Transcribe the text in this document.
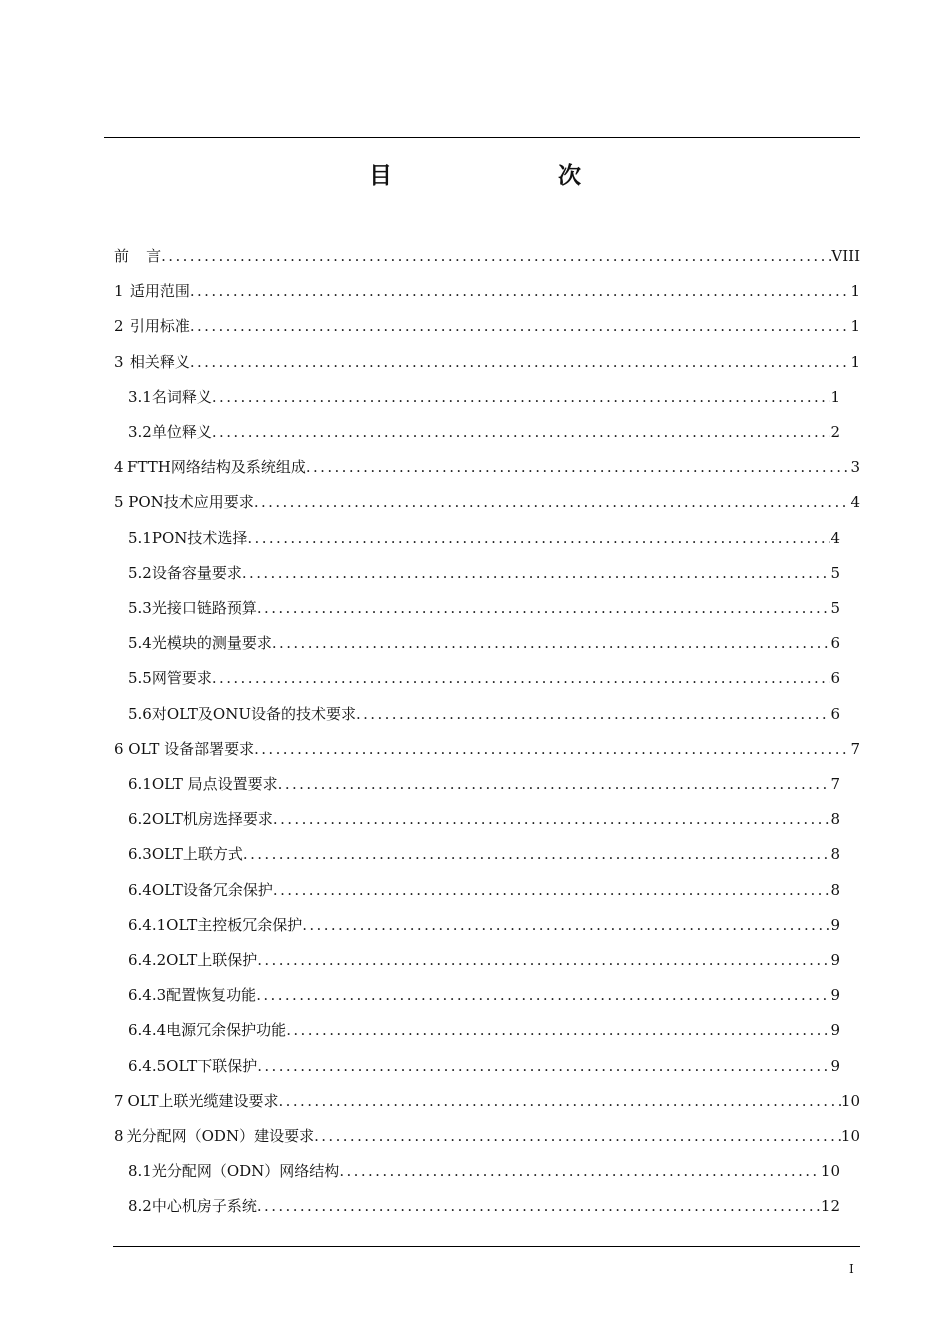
目　　次
前	言 .....	VIII
1 适用范围 .....	1
2 引用标准 .....	1
3 相关释义 .....	1
3.1 名词释义 .....	1
3.2 单位释义 .....	2
4 FTTH网络结构及系统组成 .....	3
5 PON技术应用要求 .....	4
5.1 PON技术选择 .....	4
5.2 设备容量要求 .....	5
5.3 光接口链路预算 .....	5
5.4 光模块的测量要求 .....	6
5.5 网管要求 .....	6
5.6 对OLT及ONU设备的技术要求 .....	6
6 OLT 设备部署要求 .....	7
6.1 OLT 局点设置要求 .....	7
6.2 OLT机房选择要求 .....	8
6.3 OLT上联方式 .....	8
6.4 OLT设备冗余保护 .....	8
6.4.1 OLT主控板冗余保护 .....	9
6.4.2 OLT上联保护 .....	9
6.4.3 配置恢复功能 .....	9
6.4.4 电源冗余保护功能 .....	9
6.4.5 OLT下联保护 .....	9
7 OLT上联光缆建设要求 .....	10
8 光分配网（ODN）建设要求 .....	10
8.1 光分配网（ODN）网络结构 .....	10
8.2 中心机房子系统 .....	12
I
